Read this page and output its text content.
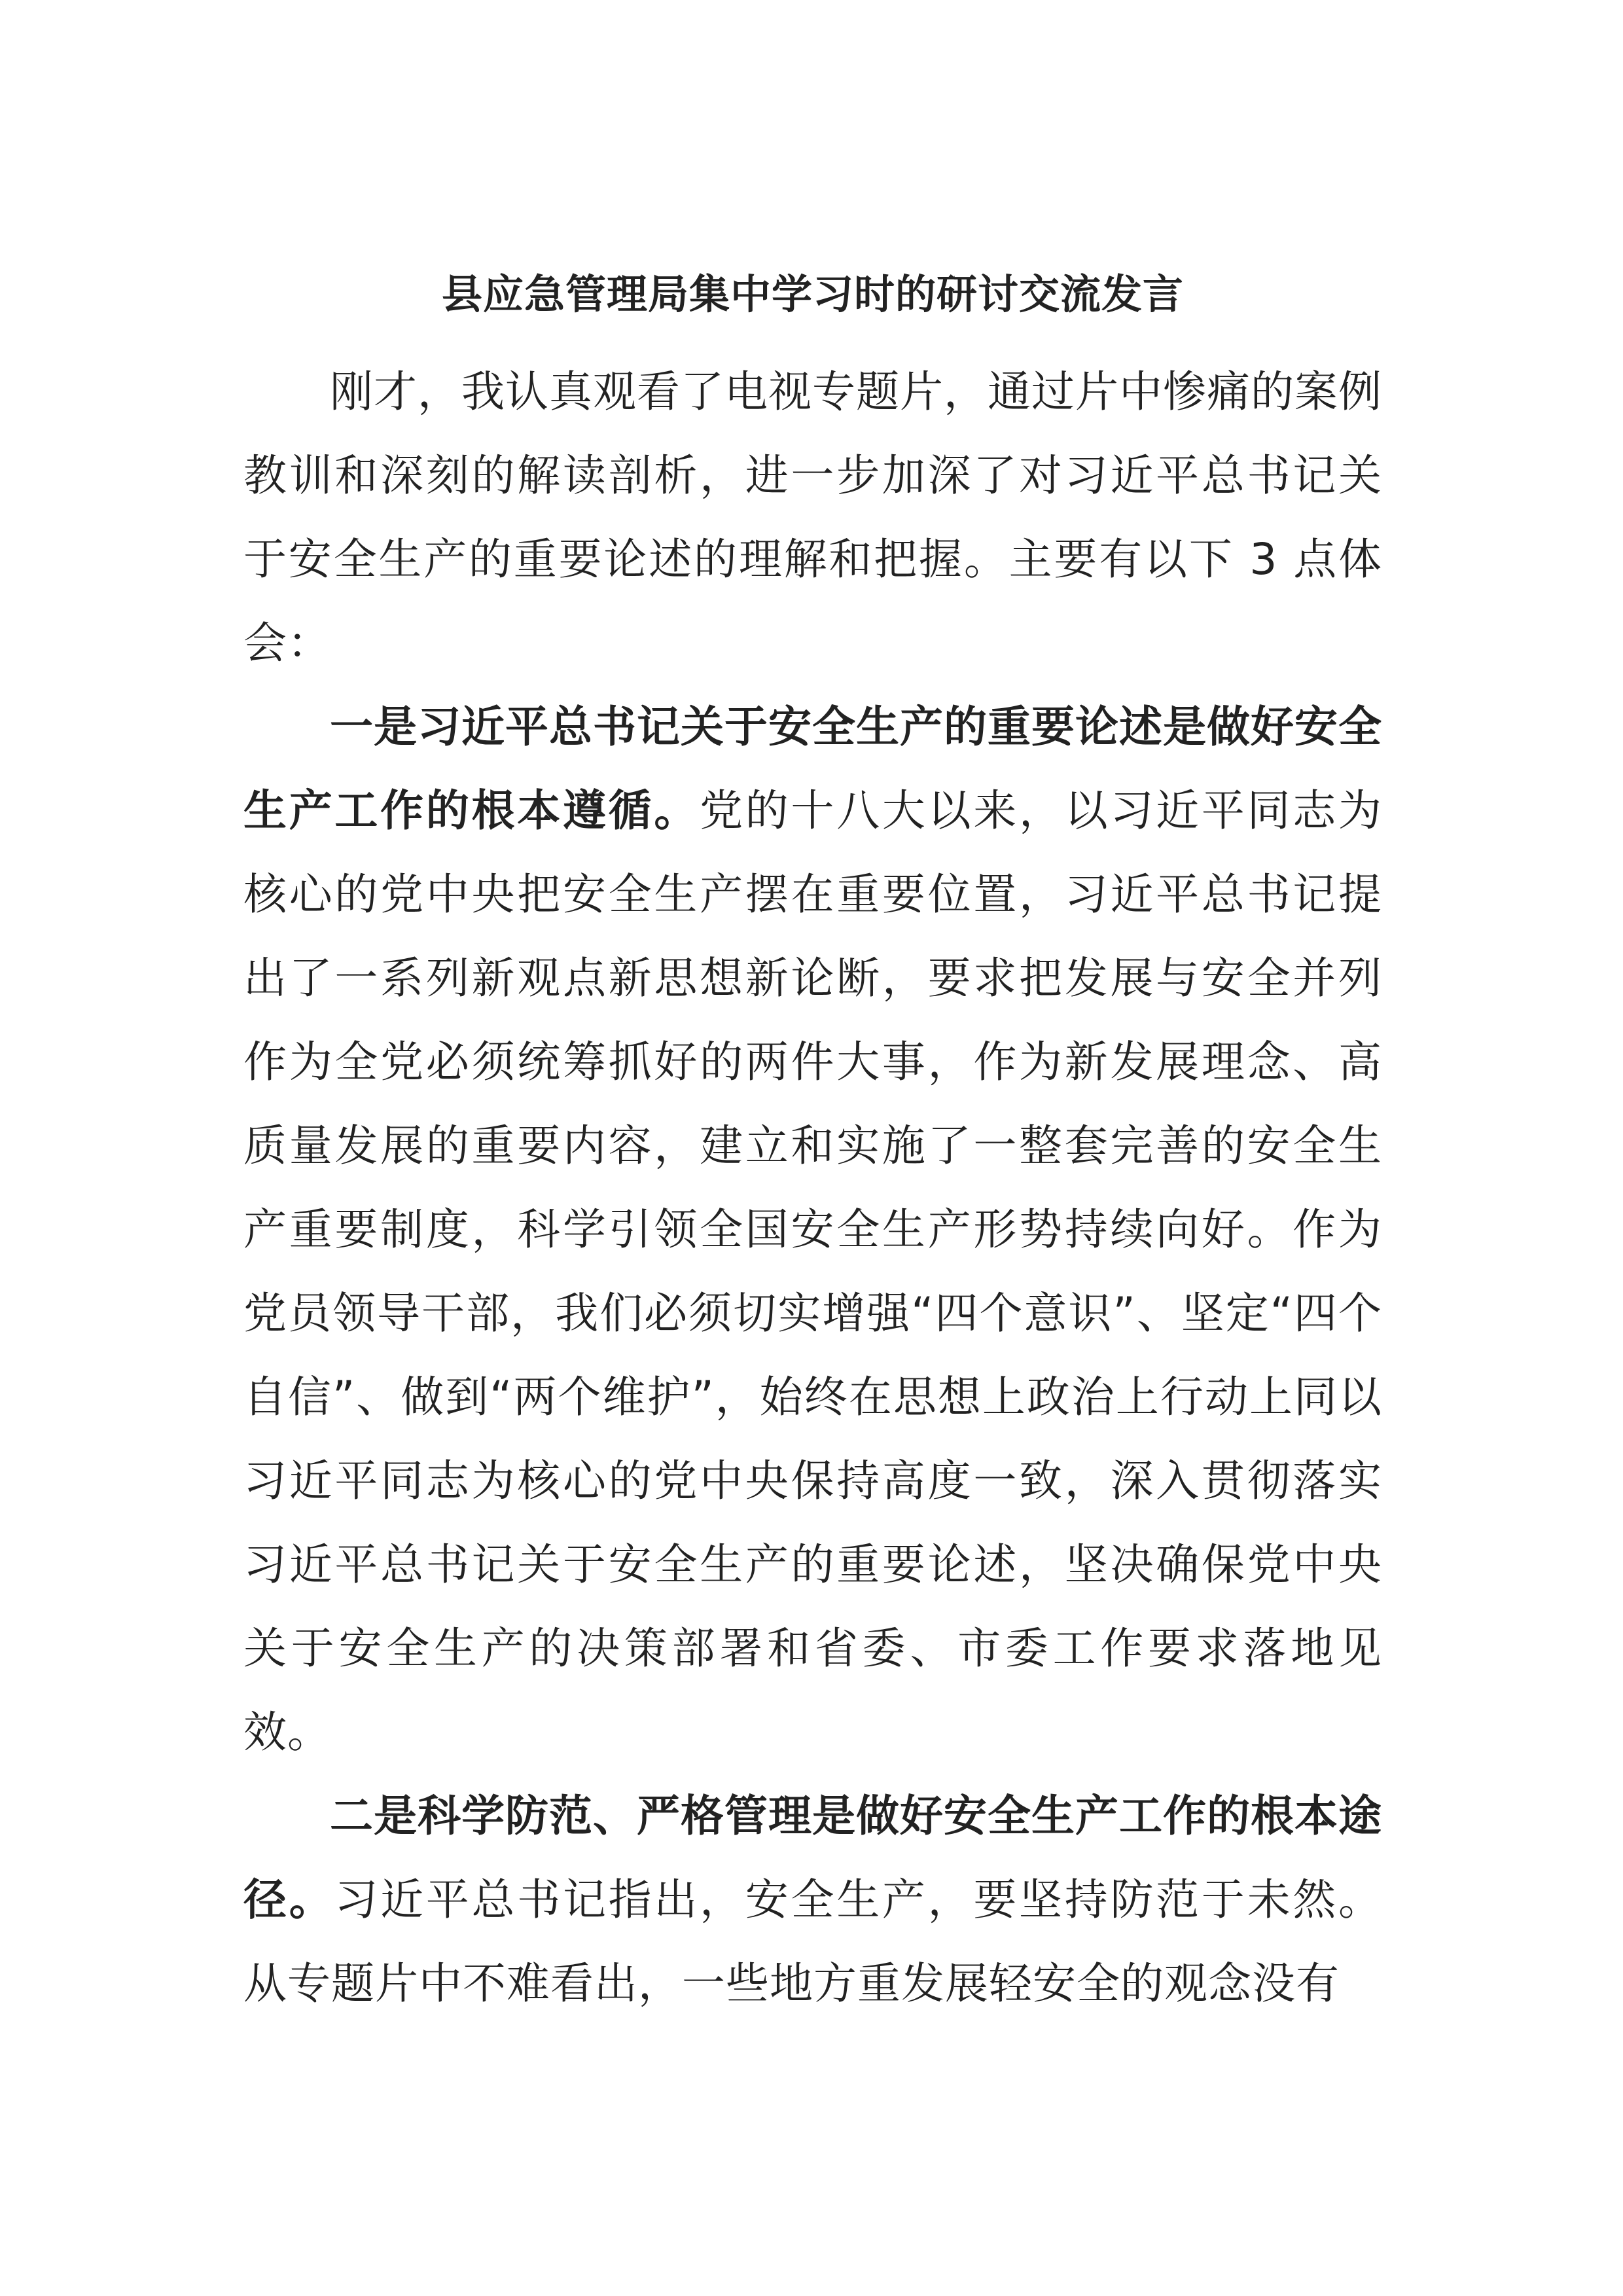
县应急管理局集中学习时的研讨交流发言

刚才，我认真观看了电视专题片，通过片中惨痛的案例教训和深刻的解读剖析，进一步加深了对习近平总书记关于安全生产的重要论述的理解和把握。主要有以下 3 点体会：

一是习近平总书记关于安全生产的重要论述是做好安全生产工作的根本遵循。党的十八大以来，以习近平同志为核心的党中央把安全生产摆在重要位置，习近平总书记提出了一系列新观点新思想新论断，要求把发展与安全并列作为全党必须统筹抓好的两件大事，作为新发展理念、高质量发展的重要内容，建立和实施了一整套完善的安全生产重要制度，科学引领全国安全生产形势持续向好。作为党员领导干部，我们必须切实增强“四个意识”、坚定“四个自信”、做到“两个维护”，始终在思想上政治上行动上同以习近平同志为核心的党中央保持高度一致，深入贯彻落实习近平总书记关于安全生产的重要论述，坚决确保党中央关于安全生产的决策部署和省委、市委工作要求落地见效。

二是科学防范、严格管理是做好安全生产工作的根本途径。习近平总书记指出，安全生产，要坚持防范于未然。从专题片中不难看出，一些地方重发展轻安全的观念没有
